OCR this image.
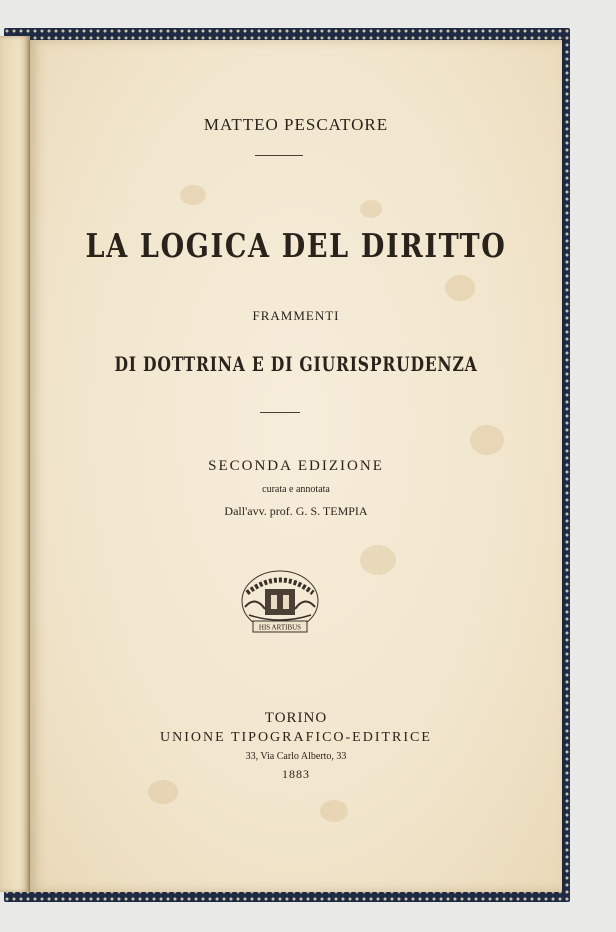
MATTEO PESCATORE
LA LOGICA DEL DIRITTO
FRAMMENTI
DI DOTTRINA E DI GIURISPRUDENZA
SECONDA EDIZIONE
curata e annotata
Dall'avv. prof. G. S. TEMPIA
HIS ARTIBUS
TORINO
UNIONE TIPOGRAFICO-EDITRICE
33, Via Carlo Alberto, 33
1883
